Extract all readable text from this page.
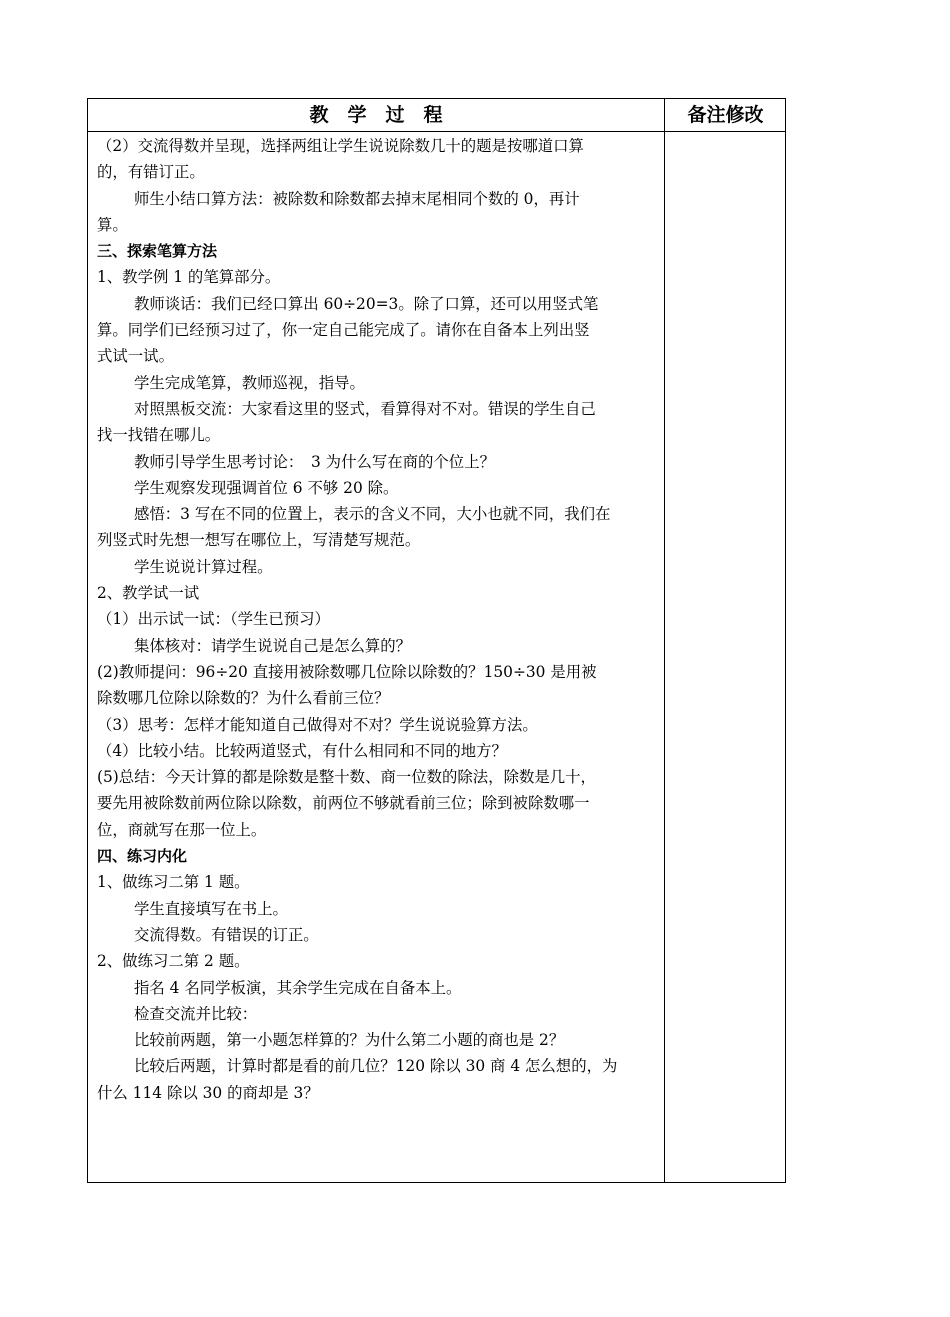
教　学　过　程	备注修改
（2）交流得数并呈现，选择两组让学生说说除数几十的题是按哪道口算
的，有错订正。
师生小结口算方法：被除数和除数都去掉末尾相同个数的 0，再计
算。
三、探索笔算方法
1、教学例 1 的笔算部分。
教师谈话：我们已经口算出 60÷20=3。除了口算，还可以用竖式笔
算。同学们已经预习过了，你一定自己能完成了。请你在自备本上列出竖
式试一试。
学生完成笔算，教师巡视，指导。
对照黑板交流：大家看这里的竖式，看算得对不对。错误的学生自己
找一找错在哪儿。
教师引导学生思考讨论：　3 为什么写在商的个位上？
学生观察发现强调首位 6 不够 20 除。
感悟：3 写在不同的位置上，表示的含义不同，大小也就不同，我们在
列竖式时先想一想写在哪位上，写清楚写规范。
学生说说计算过程。
2、教学试一试
（1）出示试一试：（学生已预习）
集体核对：请学生说说自己是怎么算的？
(2)教师提问：96÷20 直接用被除数哪几位除以除数的？150÷30 是用被
除数哪几位除以除数的？为什么看前三位？
（3）思考：怎样才能知道自己做得对不对？学生说说验算方法。
（4）比较小结。比较两道竖式，有什么相同和不同的地方？
(5)总结：今天计算的都是除数是整十数、商一位数的除法，除数是几十，
要先用被除数前两位除以除数，前两位不够就看前三位；除到被除数哪一
位，商就写在那一位上。
四、练习内化
1、做练习二第 1 题。
学生直接填写在书上。
交流得数。有错误的订正。
2、做练习二第 2 题。
指名 4 名同学板演，其余学生完成在自备本上。
检查交流并比较：
比较前两题，第一小题怎样算的？为什么第二小题的商也是 2？
比较后两题，计算时都是看的前几位？120 除以 30 商 4 怎么想的，为
什么 114 除以 30 的商却是 3？
